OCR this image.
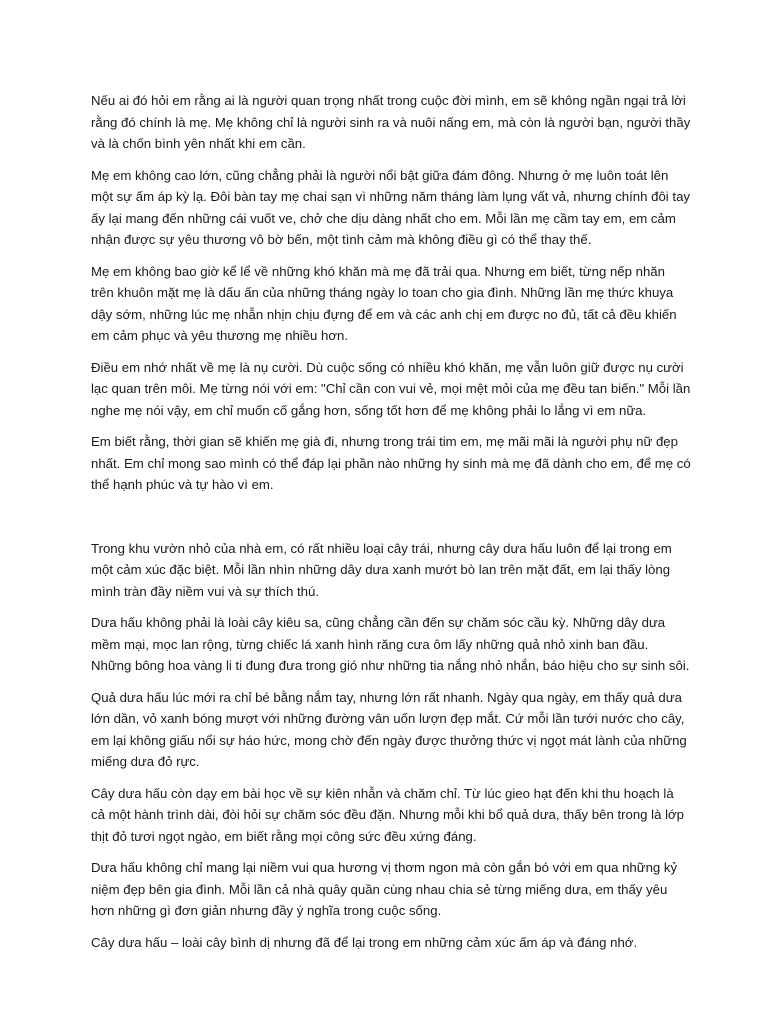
Nếu ai đó hỏi em rằng ai là người quan trọng nhất trong cuộc đời mình, em sẽ không ngần ngại trả lời rằng đó chính là mẹ. Mẹ không chỉ là người sinh ra và nuôi nấng em, mà còn là người bạn, người thầy và là chốn bình yên nhất khi em cần.

Mẹ em không cao lớn, cũng chẳng phải là người nổi bật giữa đám đông. Nhưng ở mẹ luôn toát lên một sự ấm áp kỳ lạ. Đôi bàn tay mẹ chai sạn vì những năm tháng làm lụng vất vả, nhưng chính đôi tay ấy lại mang đến những cái vuốt ve, chở che dịu dàng nhất cho em. Mỗi lần mẹ cầm tay em, em cảm nhận được sự yêu thương vô bờ bến, một tình cảm mà không điều gì có thể thay thế.

Mẹ em không bao giờ kể lể về những khó khăn mà mẹ đã trải qua. Nhưng em biết, từng nếp nhăn trên khuôn mặt mẹ là dấu ấn của những tháng ngày lo toan cho gia đình. Những lần mẹ thức khuya dậy sớm, những lúc mẹ nhẫn nhịn chịu đựng để em và các anh chị em được no đủ, tất cả đều khiến em cảm phục và yêu thương mẹ nhiều hơn.

Điều em nhớ nhất về mẹ là nụ cười. Dù cuộc sống có nhiều khó khăn, mẹ vẫn luôn giữ được nụ cười lạc quan trên môi. Mẹ từng nói với em: "Chỉ cần con vui vẻ, mọi mệt mỏi của mẹ đều tan biến." Mỗi lần nghe mẹ nói vậy, em chỉ muốn cố gắng hơn, sống tốt hơn để mẹ không phải lo lắng vì em nữa.

Em biết rằng, thời gian sẽ khiến mẹ già đi, nhưng trong trái tim em, mẹ mãi mãi là người phụ nữ đẹp nhất. Em chỉ mong sao mình có thể đáp lại phần nào những hy sinh mà mẹ đã dành cho em, để mẹ có thể hạnh phúc và tự hào vì em.

Trong khu vườn nhỏ của nhà em, có rất nhiều loại cây trái, nhưng cây dưa hấu luôn để lại trong em một cảm xúc đặc biệt. Mỗi lần nhìn những dây dưa xanh mướt bò lan trên mặt đất, em lại thấy lòng mình tràn đầy niềm vui và sự thích thú.

Dưa hấu không phải là loài cây kiêu sa, cũng chẳng cần đến sự chăm sóc cầu kỳ. Những dây dưa mềm mại, mọc lan rộng, từng chiếc lá xanh hình răng cưa ôm lấy những quả nhỏ xinh ban đầu. Những bông hoa vàng li ti đung đưa trong gió như những tia nắng nhỏ nhắn, báo hiệu cho sự sinh sôi.

Quả dưa hấu lúc mới ra chỉ bé bằng nắm tay, nhưng lớn rất nhanh. Ngày qua ngày, em thấy quả dưa lớn dần, vỏ xanh bóng mượt với những đường vân uốn lượn đẹp mắt. Cứ mỗi lần tưới nước cho cây, em lại không giấu nổi sự háo hức, mong chờ đến ngày được thưởng thức vị ngọt mát lành của những miếng dưa đỏ rực.

Cây dưa hấu còn dạy em bài học về sự kiên nhẫn và chăm chỉ. Từ lúc gieo hạt đến khi thu hoạch là cả một hành trình dài, đòi hỏi sự chăm sóc đều đặn. Nhưng mỗi khi bổ quả dưa, thấy bên trong là lớp thịt đỏ tươi ngọt ngào, em biết rằng mọi công sức đều xứng đáng.

Dưa hấu không chỉ mang lại niềm vui qua hương vị thơm ngon mà còn gắn bó với em qua những kỷ niệm đẹp bên gia đình. Mỗi lần cả nhà quây quần cùng nhau chia sẻ từng miếng dưa, em thấy yêu hơn những gì đơn giản nhưng đầy ý nghĩa trong cuộc sống.

Cây dưa hấu – loài cây bình dị nhưng đã để lại trong em những cảm xúc ấm áp và đáng nhớ.
